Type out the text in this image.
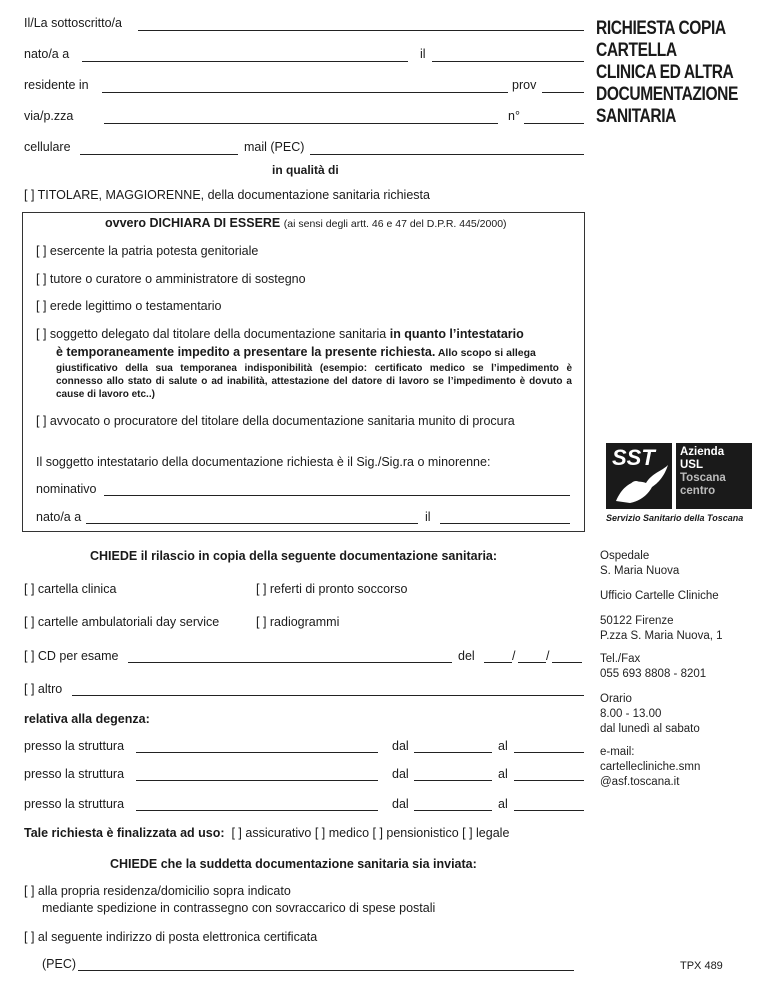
RICHIESTA COPIA CARTELLA CLINICA ED ALTRA DOCUMENTAZIONE SANITARIA
Il/La sottoscritto/a
nato/a a	il
residente in	prov
via/p.zza	n°
cellulare	mail (PEC)
in qualità di
[ ] TITOLARE, MAGGIORENNE, della documentazione sanitaria richiesta
ovvero DICHIARA DI ESSERE (ai sensi degli artt. 46 e 47 del D.P.R. 445/2000)
[ ] esercente la patria potesta genitoriale
[ ] tutore o curatore o amministratore di sostegno
[ ] erede legittimo o testamentario
[ ] soggetto delegato dal titolare della documentazione sanitaria in quanto l’intestatario
è temporaneamente impedito a presentare la presente richiesta. Allo scopo si allega
giustificativo della sua temporanea indisponibilità (esempio: certificato medico se l’impedimento è connesso allo stato di salute o ad inabilità, attestazione del datore di lavoro se l’impedimento è dovuto a cause di lavoro etc..)
[ ] avvocato o procuratore del titolare della documentazione sanitaria munito di procura
Il soggetto intestatario della documentazione richiesta è il Sig./Sig.ra o minorenne:
nominativo
nato/a a	il
SST Azienda
USL
Toscana
centro
Servizio Sanitario della Toscana
CHIEDE il rilascio in copia della seguente documentazione sanitaria:
[ ] cartella clinica	[ ] referti di pronto soccorso
[ ] cartelle ambulatoriali day service	[ ] radiogrammi
[ ] CD per esame	del	/ /
[ ] altro
relativa alla degenza:
presso la struttura	dal	al
presso la struttura	dal	al
presso la struttura	dal	al
Tale richiesta è finalizzata ad uso: [ ] assicurativo [ ] medico [ ] pensionistico [ ] legale
CHIEDE che la suddetta documentazione sanitaria sia inviata:
[ ] alla propria residenza/domicilio sopra indicato
mediante spedizione in contrassegno con sovraccarico di spese postali
[ ] al seguente indirizzo di posta elettronica certificata
(PEC)
Ospedale
S. Maria Nuova
Ufficio Cartelle Cliniche
50122 Firenze
P.zza S. Maria Nuova, 1
Tel./Fax
055 693 8808 - 8201
Orario
8.00 - 13.00
dal lunedì al sabato
e-mail:
cartellecliniche.smn
@asf.toscana.it
TPX 489
